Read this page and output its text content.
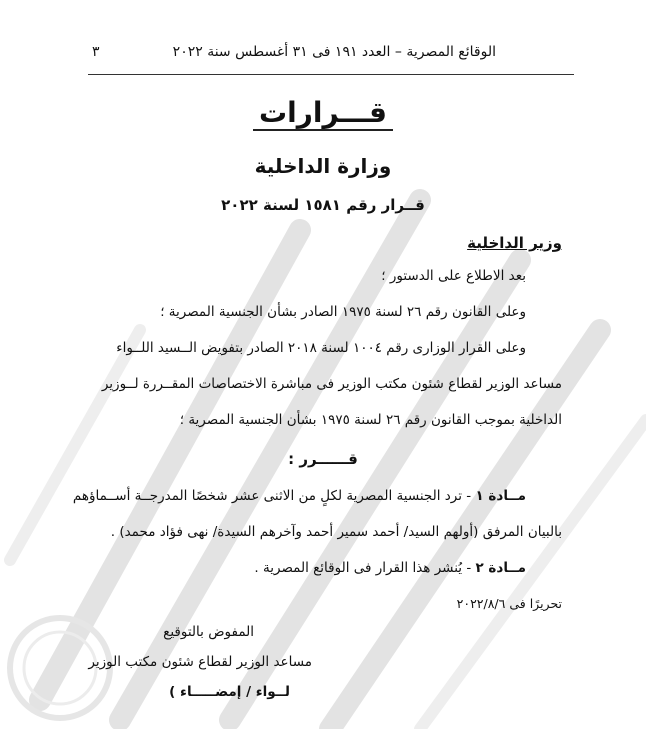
٣	الوقائع المصرية – العدد ١٩١ فى ٣١ أغسطس سنة ٢٠٢٢
قـــرارات
وزارة الداخلية
قــرار رقم ١٥٨١ لسنة ٢٠٢٢
وزير الداخلية
بعد الاطلاع على الدستور ؛
وعلى القانون رقم ٢٦ لسنة ١٩٧٥ الصادر بشأن الجنسية المصرية ؛
وعلى القرار الوزارى رقم ١٠٠٤ لسنة ٢٠١٨ الصادر بتفويض الــسيد اللــواء
مساعد الوزير لقطاع شئون مكتب الوزير فى مباشرة الاختصاصات المقــررة لــوزير
الداخلية بموجب القانون رقم ٢٦ لسنة ١٩٧٥ بشأن الجنسية المصرية ؛
قــــــرر :
مــادة ١ - ترد الجنسية المصرية لكلٍ من الاثنى عشر شخصًا المدرجــة أســماؤهم
بالبيان المرفق (أولهم السيد/ أحمد سمير أحمد وآخرهم السيدة/ نهى فؤاد محمد) .
مــادة ٢ - يُنشر هذا القرار فى الوقائع المصرية .
تحريرًا فى ٢٠٢٢/٨/٦
المفوض بالتوقيع
مساعد الوزير لقطاع شئون مكتب الوزير
لــواء / إمضـــــاء )
